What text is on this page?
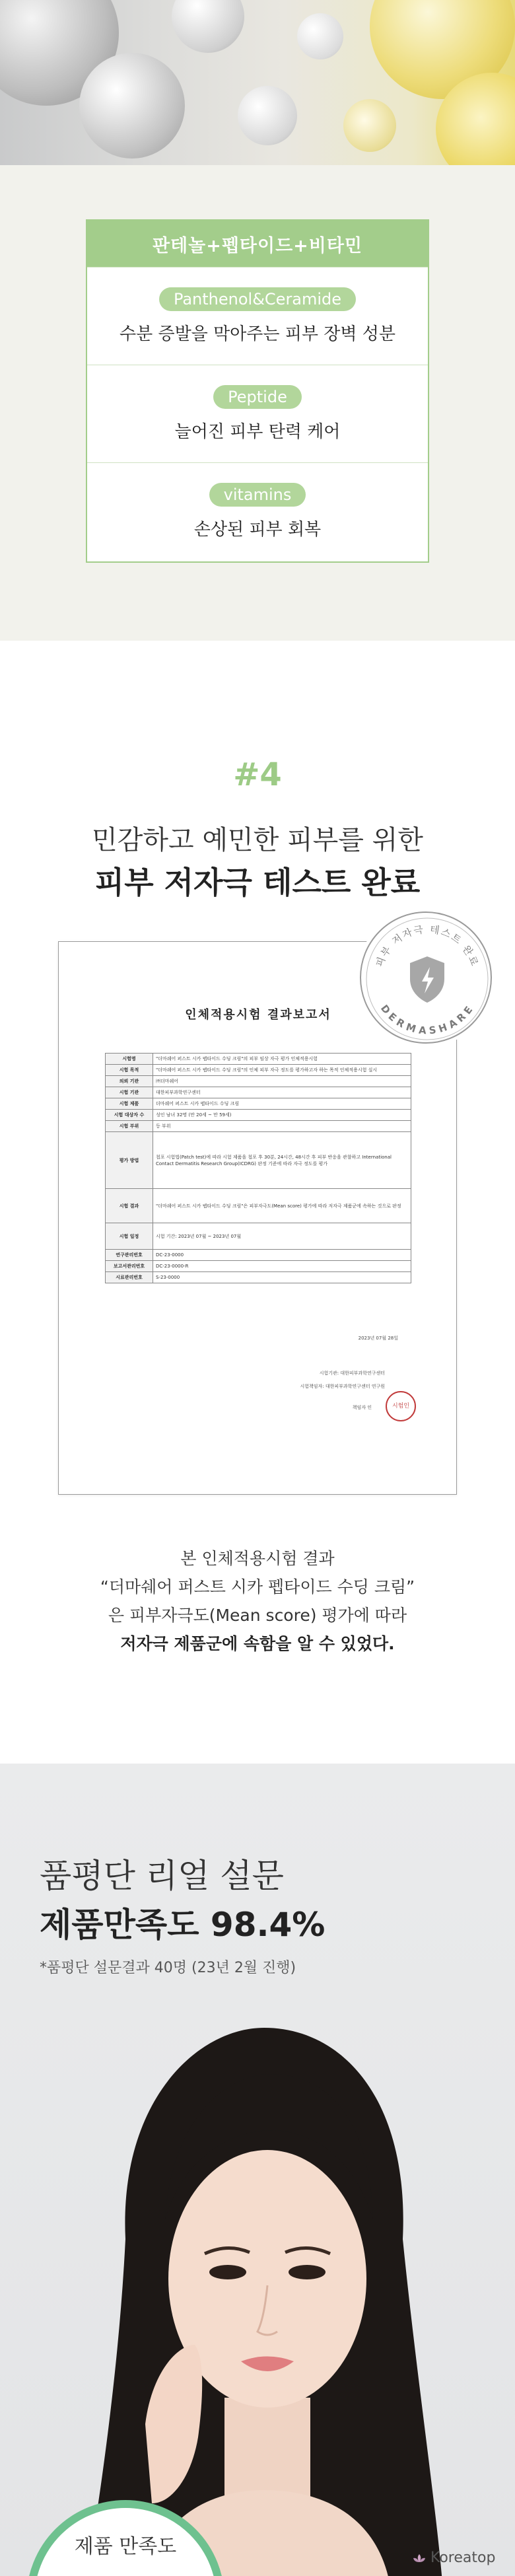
판테놀+펩타이드+비타민
Panthenol&Ceramide
수분 증발을 막아주는 피부 장벽 성분
Peptide
늘어진 피부 탄력 케어
vitamins
손상된 피부 회복
#4
민감하고 예민한 피부를 위한
피부 저자극 테스트 완료
인체적용시험 결과보고서
시험명	"더마쉐어 퍼스트 시카 펩타이드 수딩 크림"의 피부 임상 자극 평가 인체적용시험
시험 목적	"더마쉐어 퍼스트 시카 펩타이드 수딩 크림"의 인체 피부 자극 정도를 평가하고자 하는 목적 인체적용시험 실시
의뢰 기관	㈜더마쉐어
시험 기관	대한피부과학연구센터
시험 제품	더마쉐어 퍼스트 시카 펩타이드 수딩 크림
시험 대상자 수	성인 남녀 32명 (만 20세 ~ 만 59세)
시험 부위	등 부위
평가 방법	첩포 시험법(Patch test)에 따라 시험 제품을 첩포 후 30분, 24시간, 48시간 후 피부 반응을 관찰하고 International Contact Dermatitis Research Group(ICDRG) 판정 기준에 따라 자극 정도를 평가
시험 결과	"더마쉐어 퍼스트 시카 펩타이드 수딩 크림"은 피부자극도(Mean score) 평가에 따라 저자극 제품군에 속하는 것으로 판정
시험 일정	시험 기간: 2023년 07월 ~ 2023년 07월
연구관리번호	DC-23-0000
보고서관리번호	DC-23-0000-R
시료관리번호	S-23-0000
2023년 07월 28일
시험기관: 대한피부과학연구센터
시험책임자: 대한피부과학연구센터 연구원
책임자 인	시험인
피부 저자극 테스트 완료
DERMASHARE
본 인체적용시험 결과
“더마쉐어 퍼스트 시카 펩타이드 수딩 크림”
은 피부자극도(Mean score) 평가에 따라
저자극 제품군에 속함을 알 수 있었다.
품평단 리얼 설문
제품만족도 98.4%
*품평단 설문결과 40명 (23년 2월 진행)
제품 만족도	Koreatop
